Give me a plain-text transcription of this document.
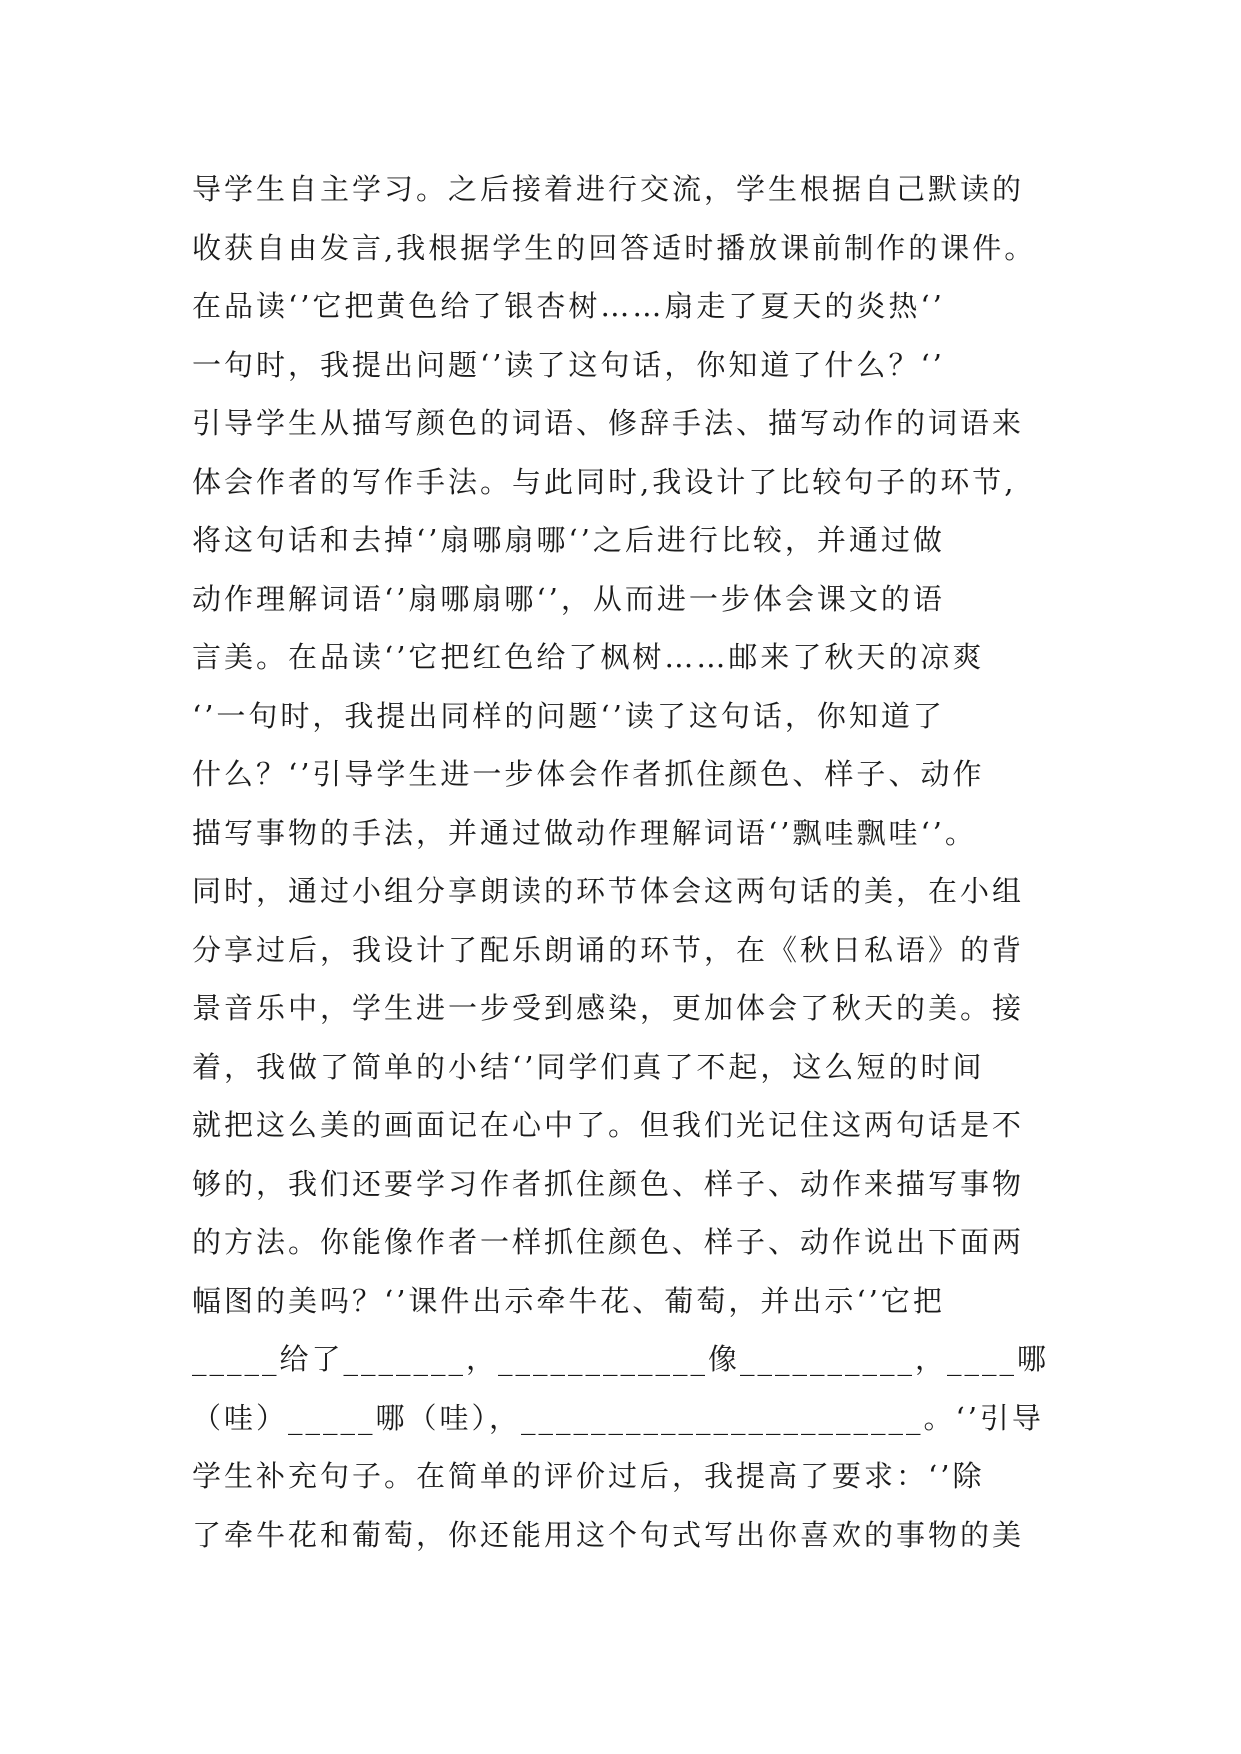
导学生自主学习。之后接着进行交流，学生根据自己默读的
收获自由发言,我根据学生的回答适时播放课前制作的课件。
在品读‘’它把黄色给了银杏树……扇走了夏天的炎热‘’
一句时，我提出问题‘’读了这句话，你知道了什么？‘’
引导学生从描写颜色的词语、修辞手法、描写动作的词语来
体会作者的写作手法。与此同时,我设计了比较句子的环节,
将这句话和去掉‘’扇哪扇哪‘’之后进行比较，并通过做
动作理解词语‘’扇哪扇哪‘’，从而进一步体会课文的语
言美。在品读‘’它把红色给了枫树……邮来了秋天的凉爽
‘’一句时，我提出同样的问题‘’读了这句话，你知道了
什么？‘’引导学生进一步体会作者抓住颜色、样子、动作
描写事物的手法，并通过做动作理解词语‘’飘哇飘哇‘’。
同时，通过小组分享朗读的环节体会这两句话的美，在小组
分享过后，我设计了配乐朗诵的环节，在《秋日私语》的背
景音乐中，学生进一步受到感染，更加体会了秋天的美。接
着，我做了简单的小结‘’同学们真了不起，这么短的时间
就把这么美的画面记在心中了。但我们光记住这两句话是不
够的，我们还要学习作者抓住颜色、样子、动作来描写事物
的方法。你能像作者一样抓住颜色、样子、动作说出下面两
幅图的美吗？‘’课件出示牵牛花、葡萄，并出示‘’它把
_____给了_______，____________像__________，____哪
（哇）_____哪（哇），_______________________。‘’引导
学生补充句子。在简单的评价过后，我提高了要求：‘’除
了牵牛花和葡萄，你还能用这个句式写出你喜欢的事物的美
